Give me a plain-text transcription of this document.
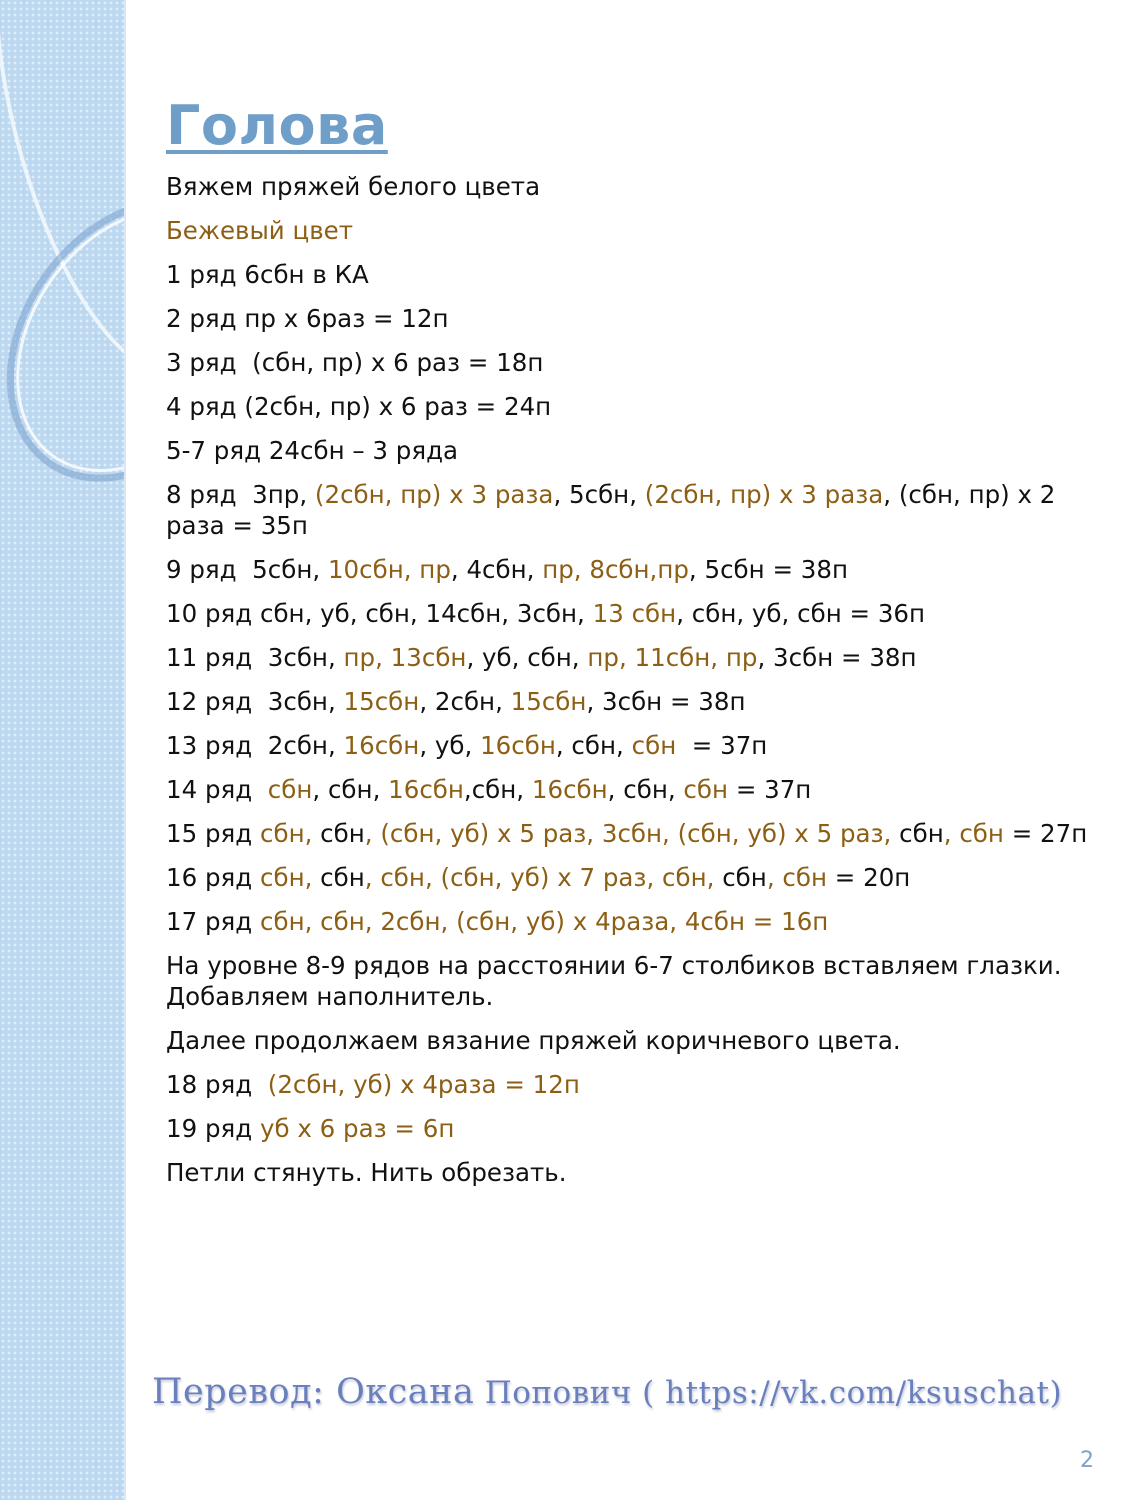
Голова
Вяжем пряжей белого цвета
Бежевый цвет
1 ряд 6сбн в КА
2 ряд пр х 6раз = 12п
3 ряд  (сбн, пр) х 6 раз = 18п
4 ряд (2сбн, пр) х 6 раз = 24п
5-7 ряд 24сбн – 3 ряда
8 ряд  3пр, (2сбн, пр) х 3 раза, 5сбн, (2сбн, пр) х 3 раза, (сбн, пр) х 2 раза = 35п
9 ряд  5сбн, 10сбн, пр, 4сбн, пр, 8сбн,пр, 5сбн = 38п
10 ряд сбн, уб, сбн, 14сбн, 3сбн, 13 сбн, сбн, уб, сбн = 36п
11 ряд  3сбн, пр, 13сбн, уб, сбн, пр, 11сбн, пр, 3сбн = 38п
12 ряд  3сбн, 15сбн, 2сбн, 15сбн, 3сбн = 38п
13 ряд  2сбн, 16сбн, уб, 16сбн, сбн, сбн  = 37п
14 ряд  сбн, сбн, 16сбн,сбн, 16сбн, сбн, сбн = 37п
15 ряд сбн, сбн, (сбн, уб) х 5 раз, 3сбн, (сбн, уб) х 5 раз, сбн, сбн = 27п
16 ряд сбн, сбн, сбн, (сбн, уб) х 7 раз, сбн, сбн, сбн = 20п
17 ряд сбн, сбн, 2сбн, (сбн, уб) х 4раза, 4сбн = 16п
На уровне 8-9 рядов на расстоянии 6-7 столбиков вставляем глазки. Добавляем наполнитель.
Далее продолжаем вязание пряжей коричневого цвета.
18 ряд  (2сбн, уб) х 4раза = 12п
19 ряд уб х 6 раз = 6п
Петли стянуть. Нить обрезать.
Перевод: Оксана Попович ( https://vk.com/ksuschat)
2
